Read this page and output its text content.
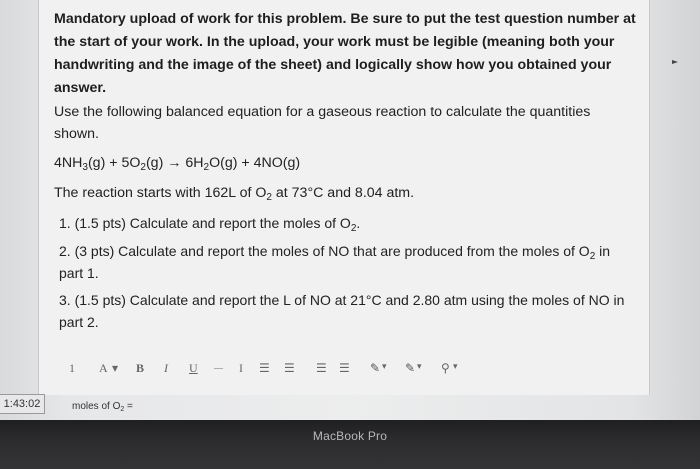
Mandatory upload of work for this problem. Be sure to put the test question number at the start of your work. In the upload, your work must be legible (meaning both your handwriting and the image of the sheet) and logically show how you obtained your answer.
Use the following balanced equation for a gaseous reaction to calculate the quantities shown.
$4NH_3(g) + 5O_2(g) \to 6H_2O(g) + 4NO(g)$
The reaction starts with 162L of $O_2$ at 73°C and 8.04 atm.
1. (1.5 pts) Calculate and report the moles of $O_2$.
2. (3 pts) Calculate and report the moles of NO that are produced from the moles of $O_2$ in part 1.
3. (1.5 pts) Calculate and report the L of NO at 21°C and 2.80 atm using the moles of NO in part 2.
1 A ▾ B I U — I ☰ ☰ ☰ ☰ ✎ ▾ ✎ ▾ ⚲ ▾
moles of $O_2$ =
1:43:02
MacBook Pro
